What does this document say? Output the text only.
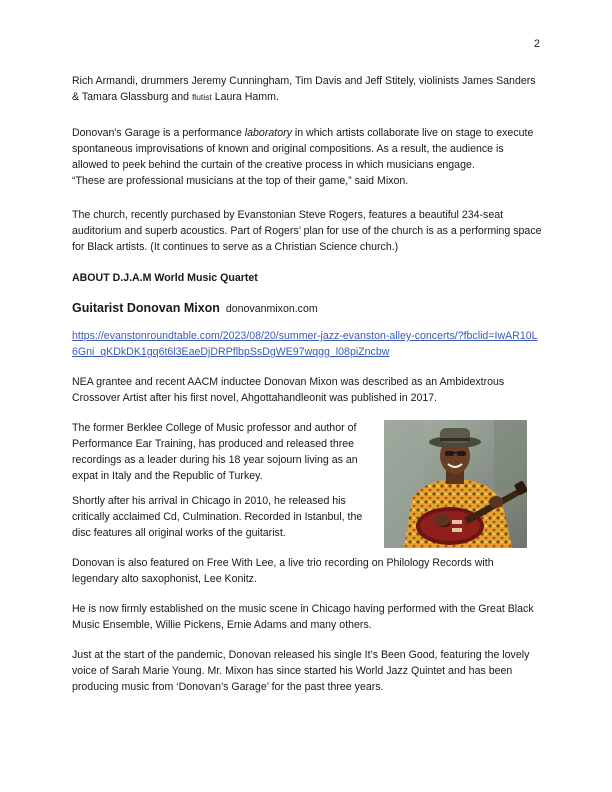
2

Rich Armandi, drummers Jeremy Cunningham, Tim Davis and Jeff Stitely, violinists James Sanders & Tamara Glassburg and flutist Laura Hamm.

Donovan's Garage is a performance laboratory in which artists collaborate live on stage to execute spontaneous improvisations of known and original compositions. As a result, the audience is allowed to peek behind the curtain of the creative process in which musicians engage.

“These are professional musicians at the top of their game,” said Mixon.

The church, recently purchased by Evanstonian Steve Rogers, features a beautiful 234-seat auditorium and superb acoustics. Part of Rogers’ plan for use of the church is as a performing space for Black artists. (It continues to serve as a Christian Science church.)

ABOUT D.J.A.M World Music Quartet

Guitarist Donovan Mixon donovanmixon.com

https://evanstonroundtable.com/2023/08/20/summer-jazz-evanston-alley-concerts/?fbclid=IwAR10L6Gni_qKDkDK1gq6t6l3EaeDjDRPflbpSsDgWE97wqgg_l08piZncbw

NEA grantee and recent AACM inductee Donovan Mixon was described as an Ambidextrous Crossover Artist after his first novel, Ahgottahandleonit was published in 2017.

The former Berklee College of Music professor and author of Performance Ear Training, has produced and released three recordings as a leader during his 18 year sojourn living as an expat in Italy and the Republic of Turkey.

Shortly after his arrival in Chicago in 2010, he released his critically acclaimed Cd, Culmination. Recorded in Istanbul, the disc features all original works of the guitarist.

Donovan is also featured on Free With Lee, a live trio recording on Philology Records with legendary alto saxophonist, Lee Konitz.

He is now firmly established on the music scene in Chicago having performed with the Great Black Music Ensemble, Willie Pickens, Ernie Adams and many others.

Just at the start of the pandemic, Donovan released his single It’s Been Good, featuring the lovely voice of Sarah Marie Young. Mr. Mixon has since started his World Jazz Quintet and has been producing music from ‘Donovan’s Garage’ for the past three years.
